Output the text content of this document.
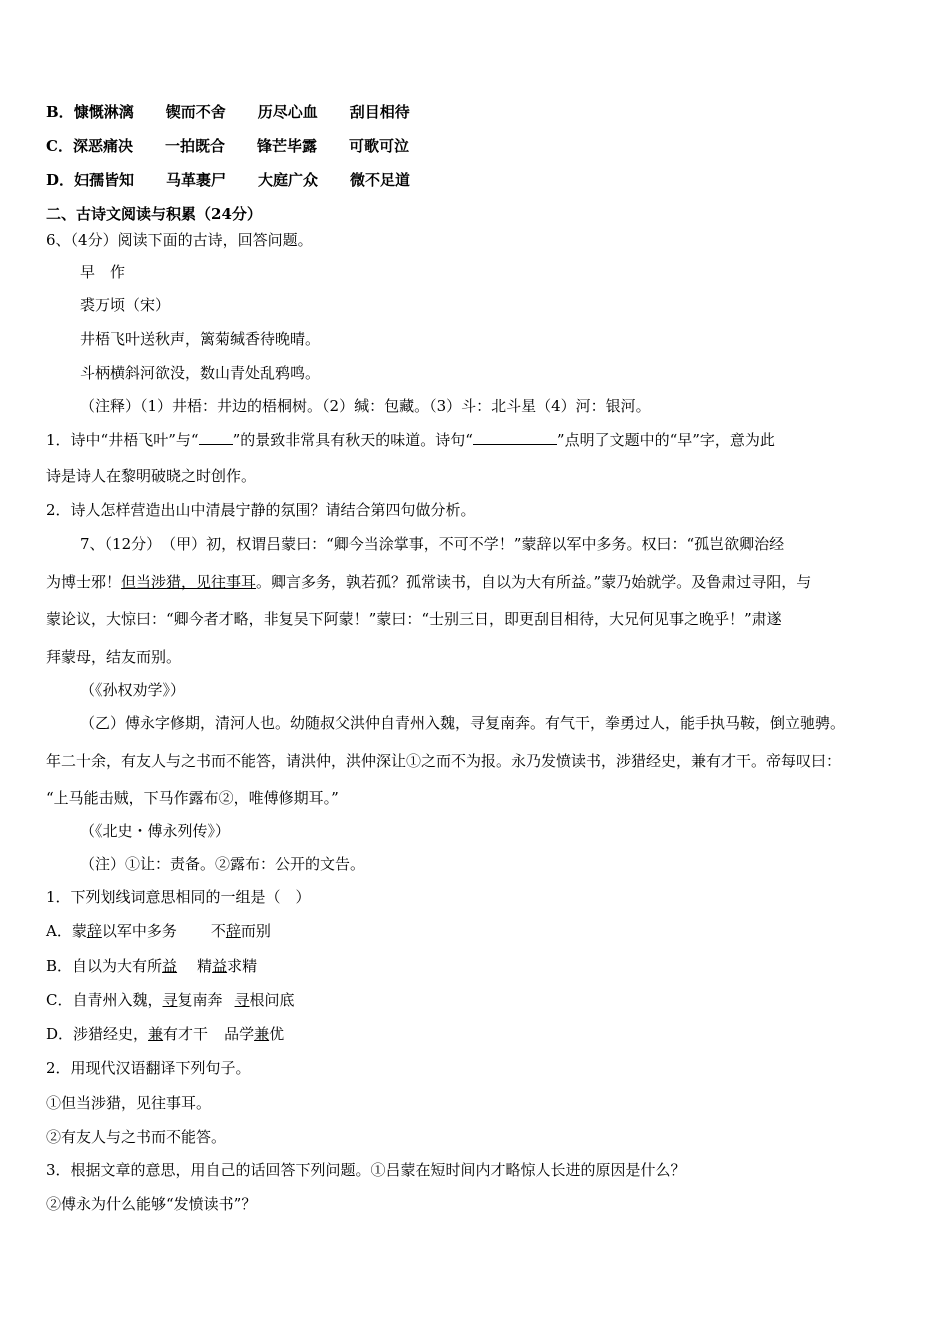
B．慷慨淋漓 锲而不舍 历尽心血 刮目相待
C．深恶痛决 一拍既合 锋芒毕露 可歌可泣
D．妇孺皆知 马革裹尸 大庭广众 微不足道
二、古诗文阅读与积累（24分）
6、（4分）阅读下面的古诗，回答问题。
早　作
裘万顷（宋）
井梧飞叶送秋声，篱菊缄香待晚晴。
斗柄横斜河欲没，数山青处乱鸦鸣。
（注释）（1）井梧：井边的梧桐树。（2）缄：包藏。（3）斗：北斗星（4）河：银河。
1．诗中“井梧飞叶”与“ ”的景致非常具有秋天的味道。诗句“	”点明了文题中的“早”字，意为此
诗是诗人在黎明破晓之时创作。
2．诗人怎样营造出山中清晨宁静的氛围？请结合第四句做分析。
7、（12分）　（甲）初，权谓吕蒙曰：“卿今当涂掌事，不可不学！”蒙辞以军中多务。权曰：“孤岂欲卿治经
为博士邪！但当涉猎，见往事耳。卿言多务，孰若孤？孤常读书，自以为大有所益。”蒙乃始就学。及鲁肃过寻阳，与
蒙论议，大惊曰：“卿今者才略，非复吴下阿蒙！”蒙曰：“士别三日，即更刮目相待，大兄何见事之晚乎！”肃遂
拜蒙母，结友而别。
（《孙权劝学》）
（乙）傅永字修期，清河人也。幼随叔父洪仲自青州入魏，寻复南奔。有气干，拳勇过人，能手执马鞍，倒立驰骋。
年二十余，有友人与之书而不能答，请洪仲，洪仲深让①之而不为报。永乃发愤读书，涉猎经史，兼有才干。帝每叹曰：
“上马能击贼，下马作露布②，唯傅修期耳。”
（《北史・傅永列传》）
（注）①让：责备。②露布：公开的文告。
1．下列划线词意思相同的一组是（　）
A．蒙辞以军中多务 不辞而别
B．自以为大有所益 精益求精
C．自青州入魏，寻复南奔 寻根问底
D．涉猎经史，兼有才干 品学兼优
2．用现代汉语翻译下列句子。
①但当涉猎，见往事耳。
②有友人与之书而不能答。
3．根据文章的意思，用自己的话回答下列问题。①吕蒙在短时间内才略惊人长进的原因是什么？
②傅永为什么能够“发愤读书”？
